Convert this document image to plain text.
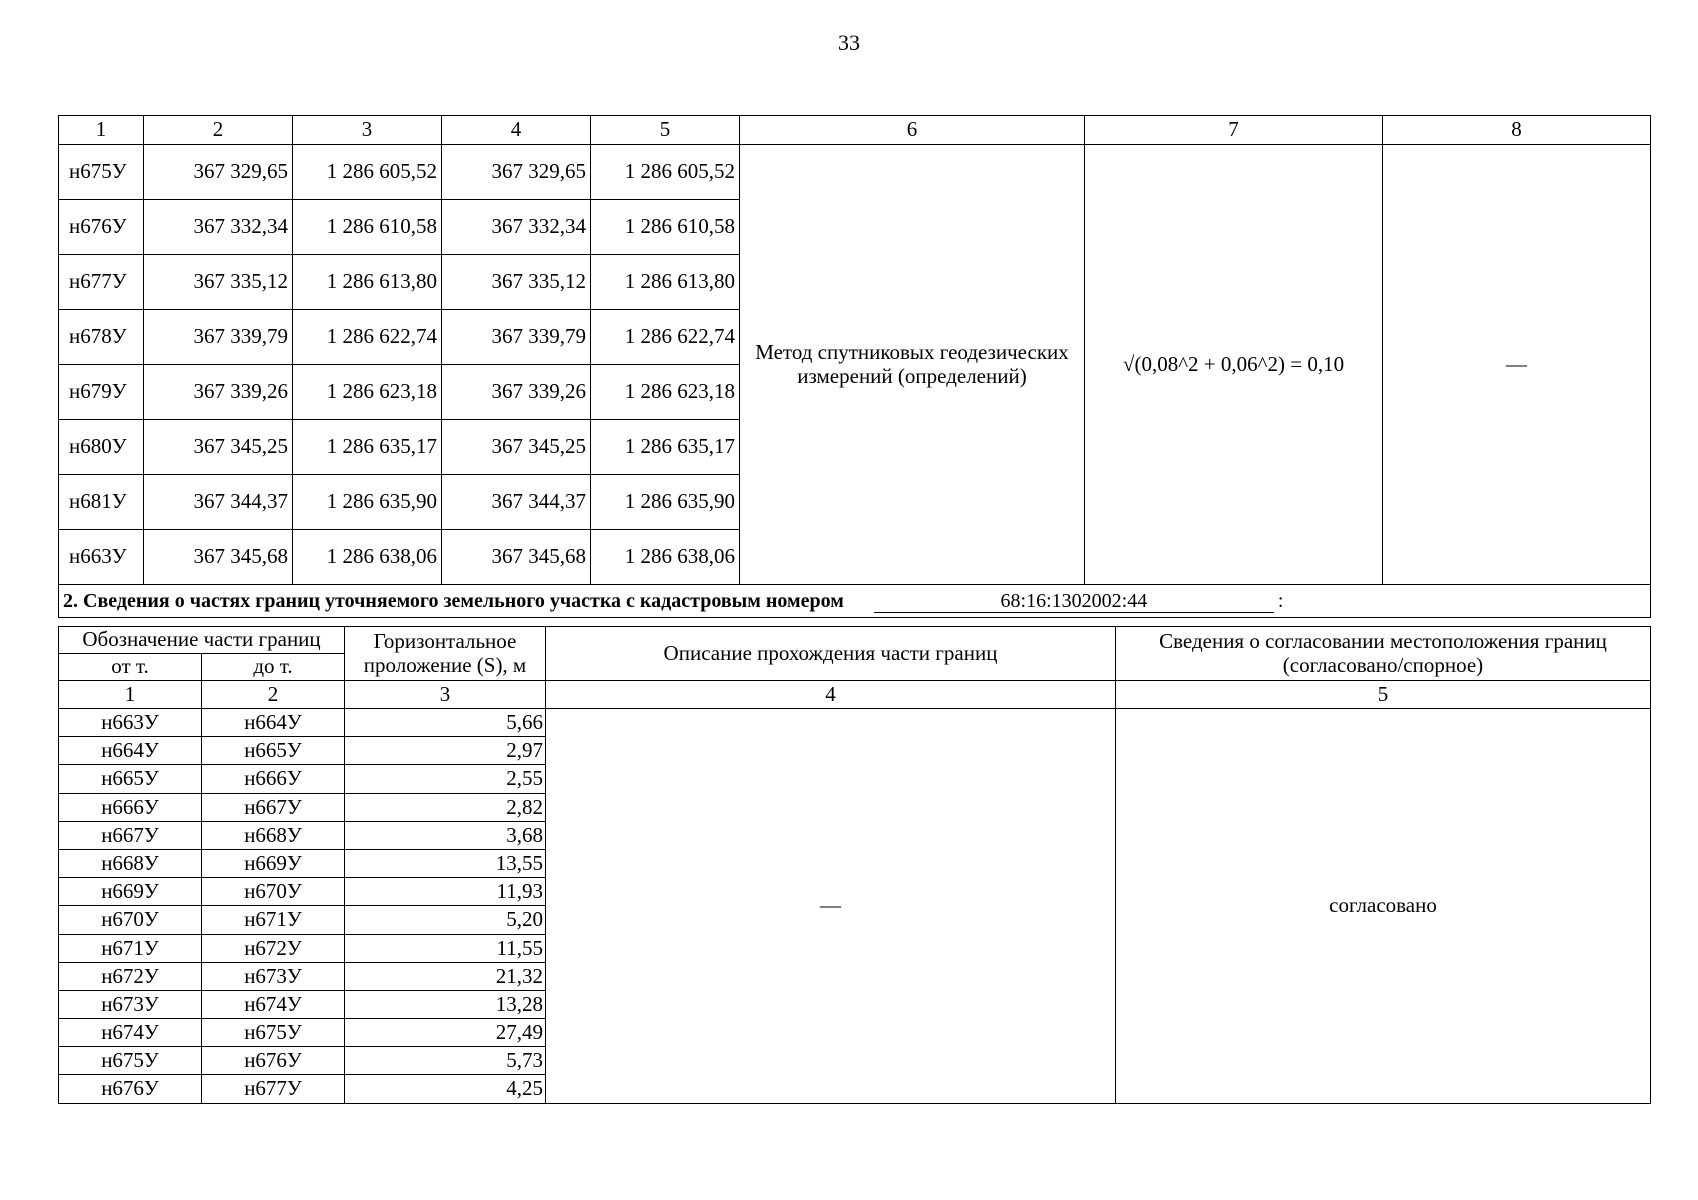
33
1	2	3	4	5	6	7	8
н675У	367 329,65	1 286 605,52	367 329,65	1 286 605,52	Метод спутниковых геодезических измерений (определений)	√(0,08^2 + 0,06^2) = 0,10	—
н676У	367 332,34	1 286 610,58	367 332,34	1 286 610,58			
н677У	367 335,12	1 286 613,80	367 335,12	1 286 613,80			
н678У	367 339,79	1 286 622,74	367 339,79	1 286 622,74			
н679У	367 339,26	1 286 623,18	367 339,26	1 286 623,18			
н680У	367 345,25	1 286 635,17	367 345,25	1 286 635,17			
н681У	367 344,37	1 286 635,90	367 344,37	1 286 635,90			
н663У	367 345,68	1 286 638,06	367 345,68	1 286 638,06			
2. Сведения о частях границ уточняемого земельного участка с кадастровым номером 68:16:1302002:44 :							
Обозначение части границ		Горизонтальное проложение (S), м	Описание прохождения части границ	Сведения о согласовании местоположения границ (согласовано/спорное)
от т.	до т.			
1	2	3	4	5
н663У	н664У	5,66	—	согласовано
н664У	н665У	2,97		
н665У	н666У	2,55		
н666У	н667У	2,82		
н667У	н668У	3,68		
н668У	н669У	13,55		
н669У	н670У	11,93		
н670У	н671У	5,20		
н671У	н672У	11,55		
н672У	н673У	21,32		
н673У	н674У	13,28		
н674У	н675У	27,49		
н675У	н676У	5,73		
н676У	н677У	4,25		
